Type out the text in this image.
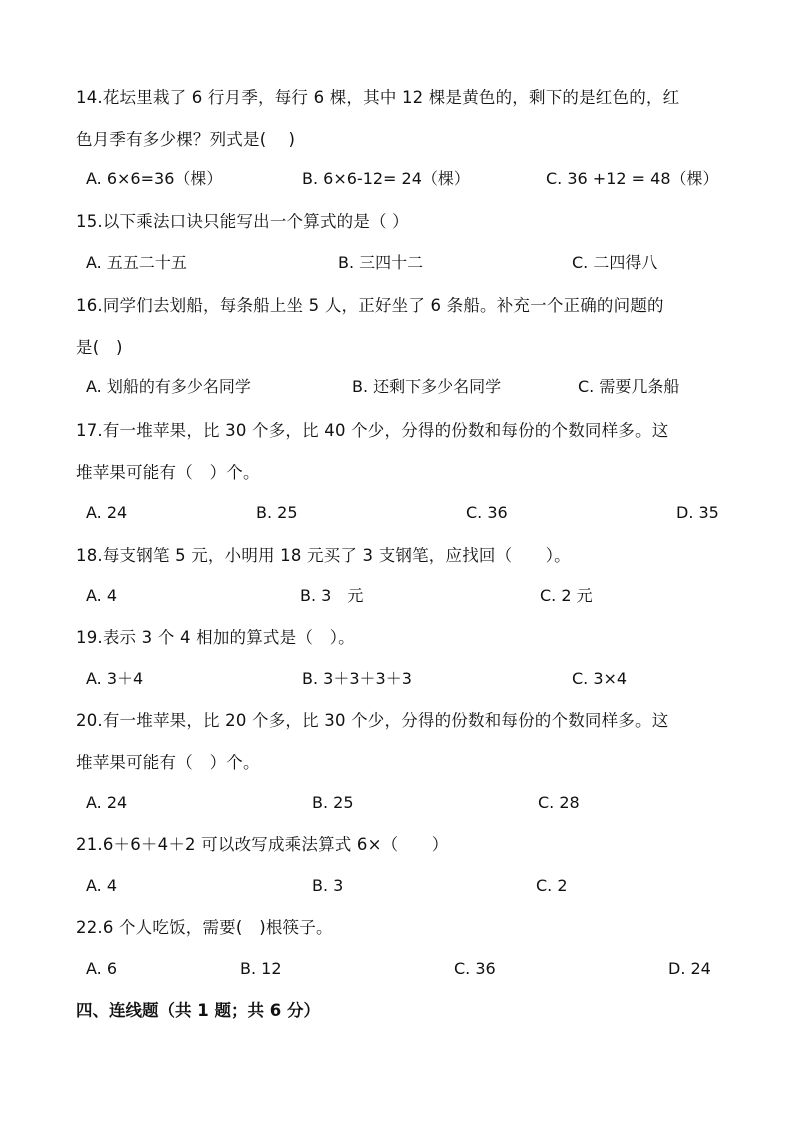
14.花坛里栽了 6 行月季，每行 6 棵，其中 12 棵是黄色的，剩下的是红色的，红
色月季有多少棵？列式是(　 )
A. 6×6=36（棵）	B. 6×6-12= 24（棵）	C. 36 +12 = 48（棵）
15.以下乘法口诀只能写出一个算式的是（ ）
A. 五五二十五	B. 三四十二	C. 二四得八
16.同学们去划船，每条船上坐 5 人，正好坐了 6 条船。补充一个正确的问题的
是(　)
A. 划船的有多少名同学	B. 还剩下多少名同学	C. 需要几条船
17.有一堆苹果，比 30 个多，比 40 个少，分得的份数和每份的个数同样多。这
堆苹果可能有（　）个。
A. 24	B. 25	C. 36	D. 35
18.每支钢笔 5 元，小明用 18 元买了 3 支钢笔，应找回（　　）。
A. 4	B. 3　元	C. 2 元
19.表示 3 个 4 相加的算式是（　）。
A. 3＋4	B. 3＋3＋3＋3	C. 3×4
20.有一堆苹果，比 20 个多，比 30 个少，分得的份数和每份的个数同样多。这
堆苹果可能有（　）个。
A. 24	B. 25	C. 28
21.6＋6＋4＋2 可以改写成乘法算式 6×（　　）
A. 4	B. 3	C. 2
22.6 个人吃饭，需要(　)根筷子。
A. 6	B. 12	C. 36	D. 24
四、连线题（共 1 题；共 6 分）
